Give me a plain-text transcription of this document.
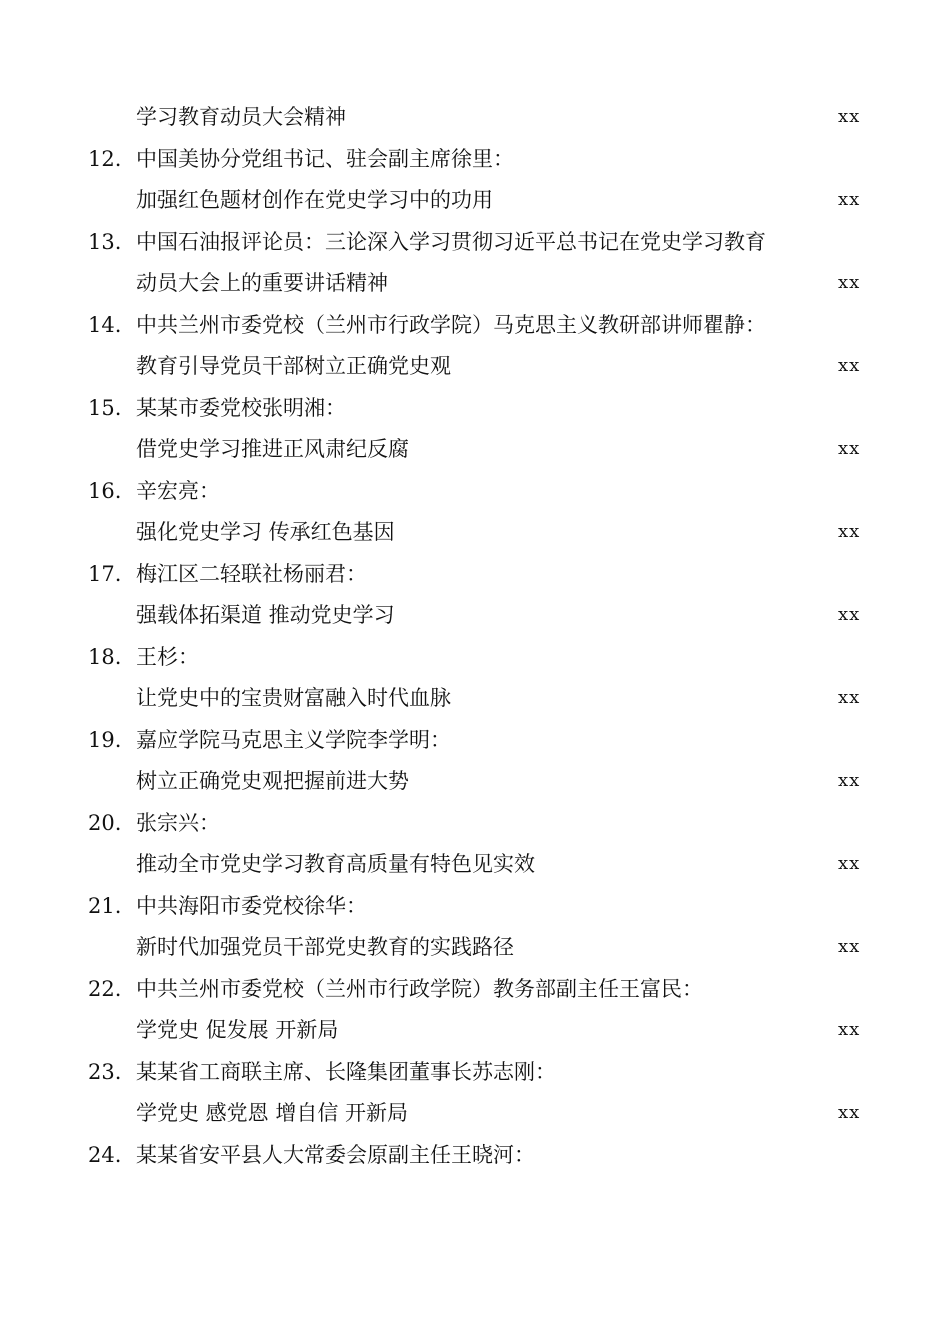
学习教育动员大会精神	xx
12. 中国美协分党组书记、驻会副主席徐里：
加强红色题材创作在党史学习中的功用	xx
13. 中国石油报评论员：三论深入学习贯彻习近平总书记在党史学习教育
动员大会上的重要讲话精神	xx
14. 中共兰州市委党校（兰州市行政学院）马克思主义教研部讲师瞿静：
教育引导党员干部树立正确党史观	xx
15. 某某市委党校张明湘：
借党史学习推进正风肃纪反腐	xx
16. 辛宏亮：
强化党史学习 传承红色基因	xx
17. 梅江区二轻联社杨丽君：
强载体拓渠道 推动党史学习	xx
18. 王杉：
让党史中的宝贵财富融入时代血脉	xx
19. 嘉应学院马克思主义学院李学明：
树立正确党史观把握前进大势	xx
20. 张宗兴：
推动全市党史学习教育高质量有特色见实效	xx
21. 中共海阳市委党校徐华：
新时代加强党员干部党史教育的实践路径	xx
22. 中共兰州市委党校（兰州市行政学院）教务部副主任王富民：
学党史 促发展 开新局	xx
23. 某某省工商联主席、长隆集团董事长苏志刚：
学党史 感党恩 增自信 开新局	xx
24. 某某省安平县人大常委会原副主任王晓河：
